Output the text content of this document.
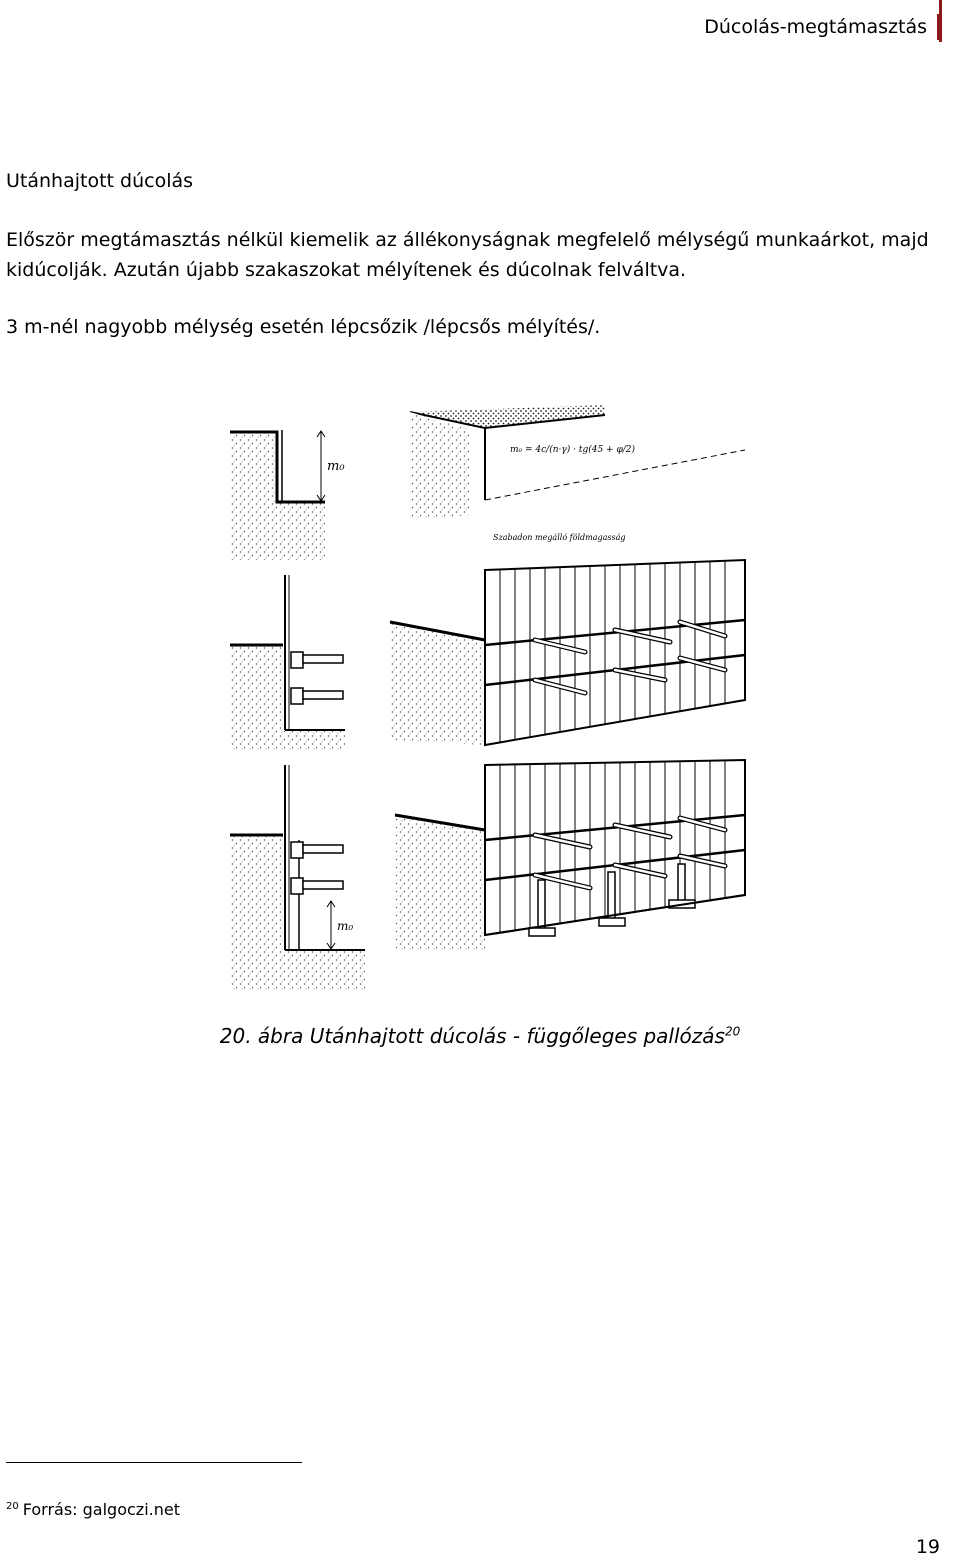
Dúcolás-megtámasztás
Utánhajtott dúcolás

Először megtámasztás nélkül kiemelik az állékonyságnak megfelelő mélységű munkaárkot, majd kidúcolják. Azután újabb szakaszokat mélyítenek és dúcolnak felváltva.

3 m-nél nagyobb mélység esetén lépcsőzik /lépcsős mélyítés/.

m₀
m₀ = 4c/(n·γ) · tg(45 + φ/2)
Szabadon megálló földmagasság
m₀
20. ábra Utánhajtott dúcolás - függőleges pallózás$^{20}$
$^{20}$ Forrás: galgoczi.net
19
